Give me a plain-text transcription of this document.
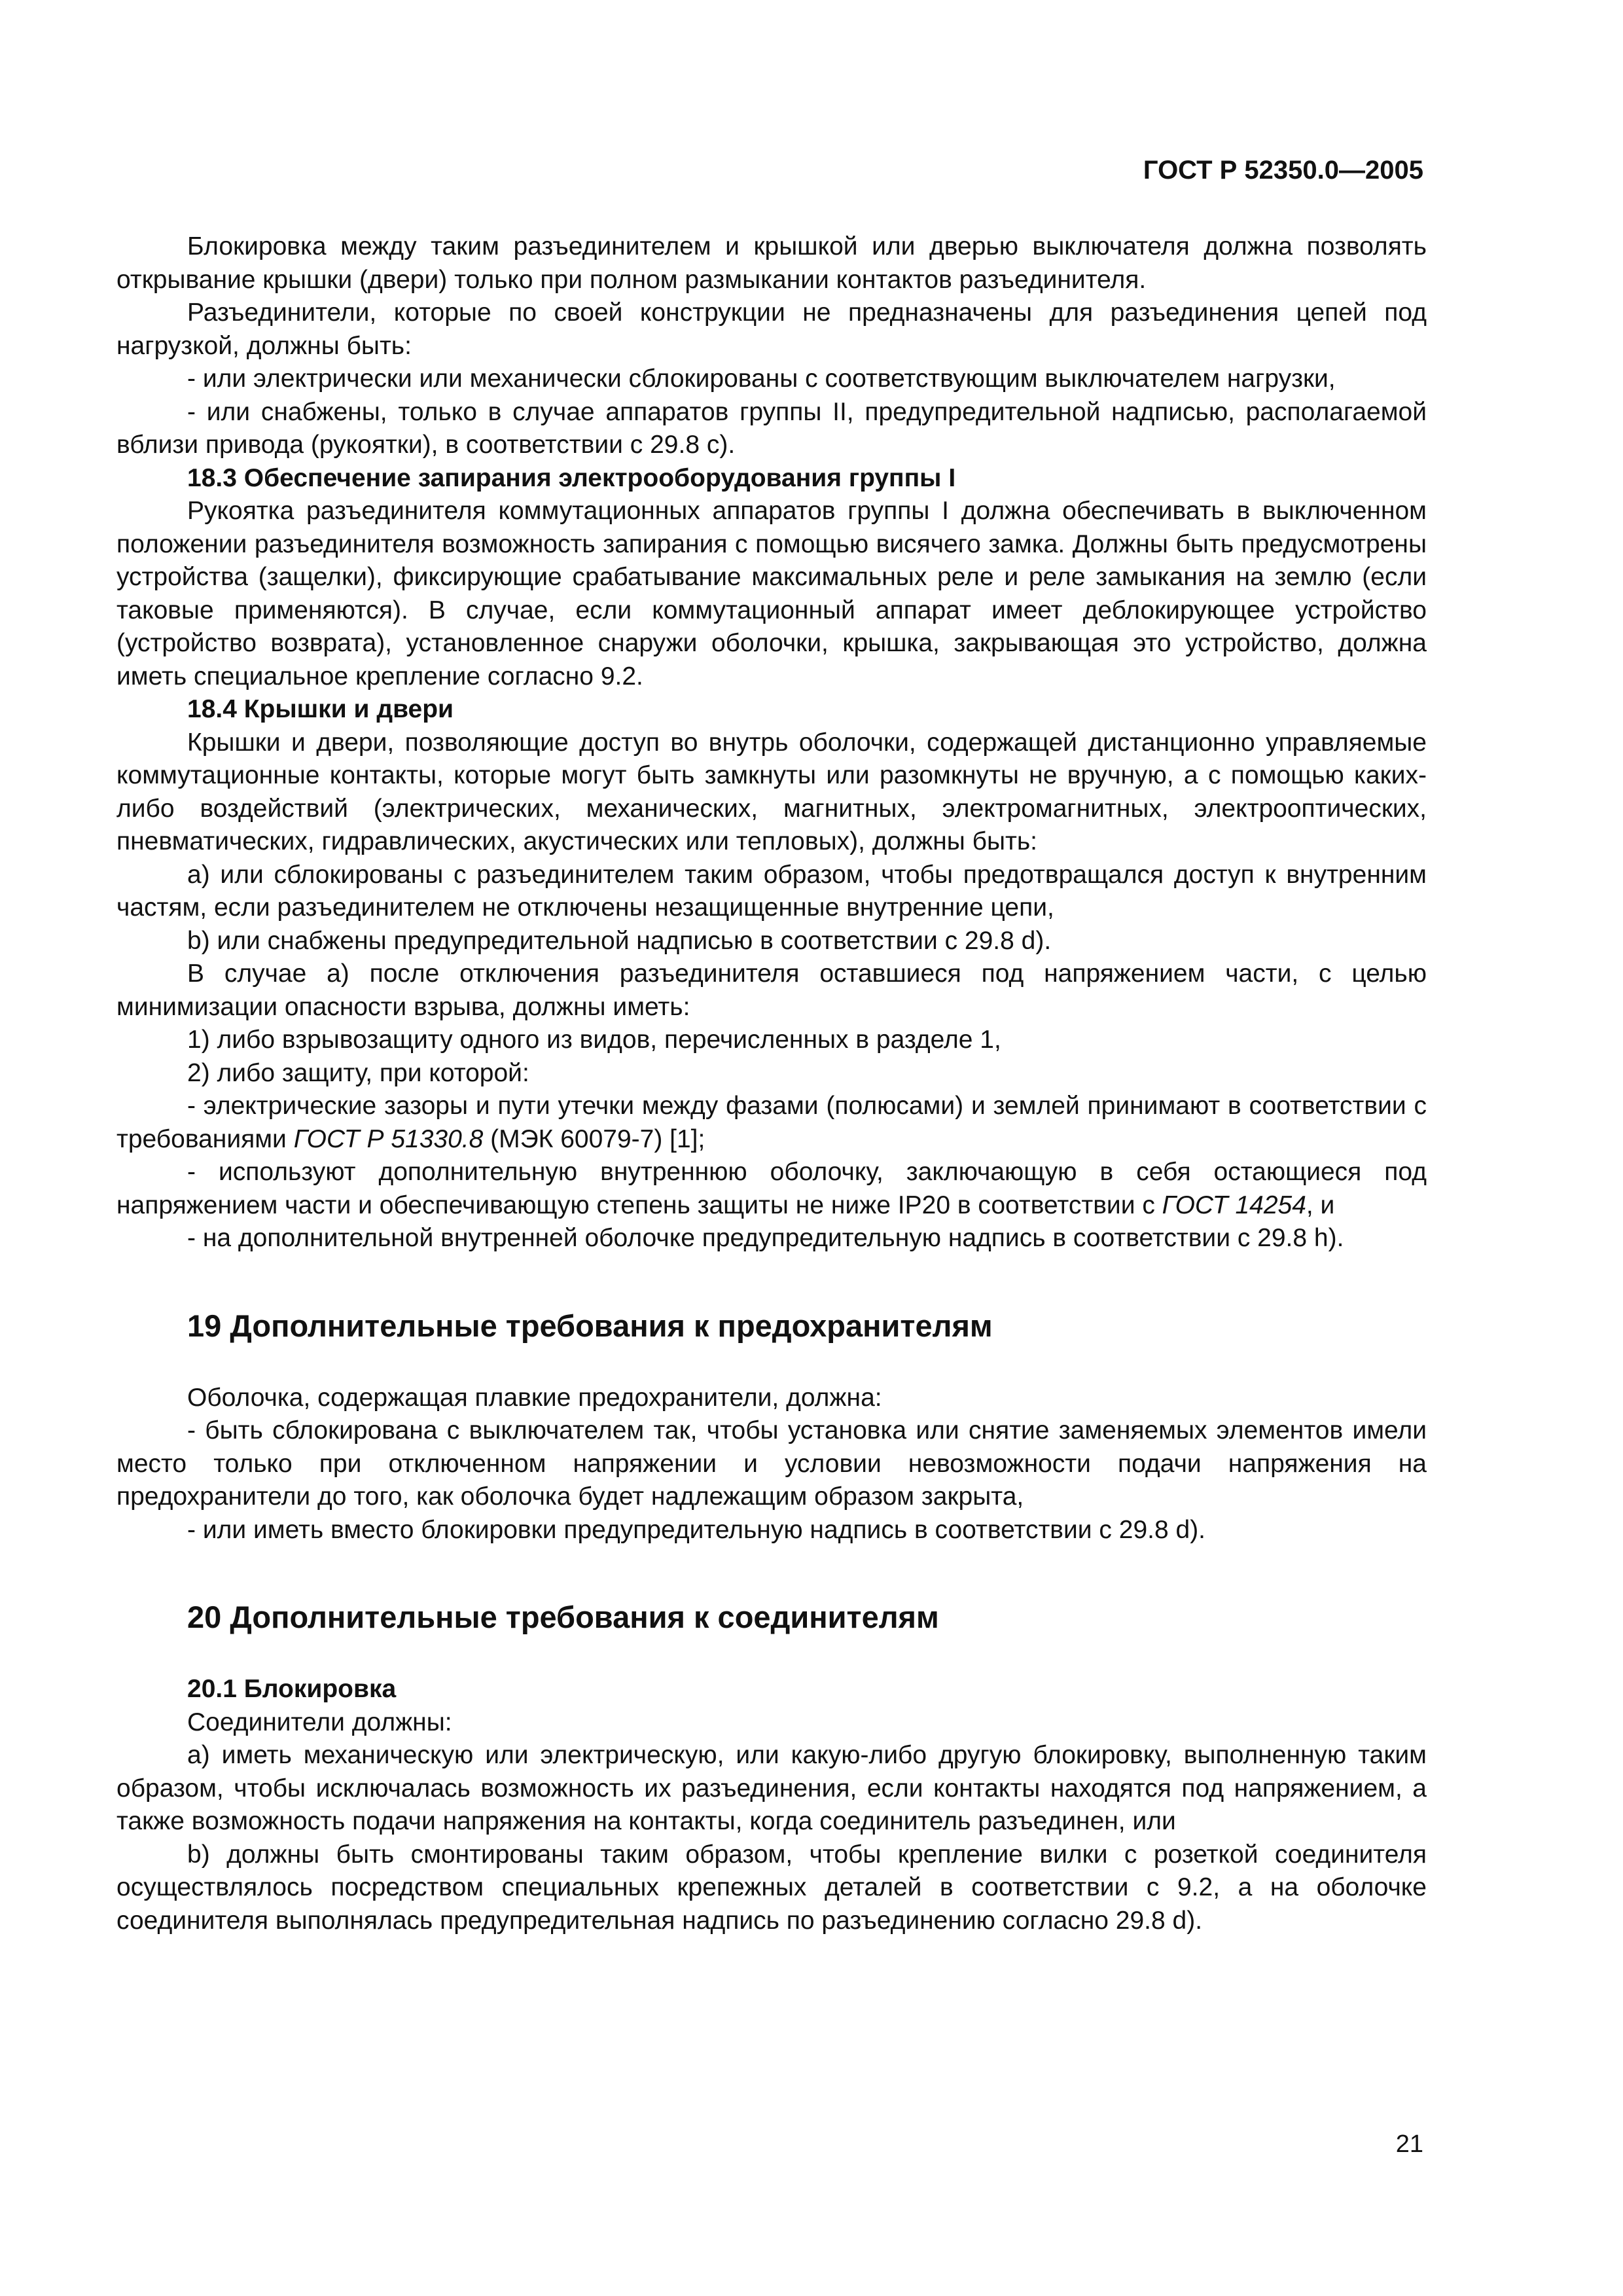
ГОСТ Р 52350.0—2005

Блокировка между таким разъединителем и крышкой или дверью выключателя должна позволять открывание крышки (двери) только при полном размыкании контактов разъединителя.

Разъединители, которые по своей конструкции не предназначены для разъединения цепей под нагрузкой, должны быть:

- или электрически или механически сблокированы с соответствующим выключателем нагрузки,

- или снабжены, только в случае аппаратов группы II, предупредительной надписью, располагаемой вблизи привода (рукоятки), в соответствии с 29.8 с).

18.3 Обеспечение запирания электрооборудования группы I

Рукоятка разъединителя коммутационных аппаратов группы I должна обеспечивать в выключенном положении разъединителя возможность запирания с помощью висячего замка. Должны быть предусмотрены устройства (защелки), фиксирующие срабатывание максимальных реле и реле замыкания на землю (если таковые применяются). В случае, если коммутационный аппарат имеет деблокирующее устройство (устройство возврата), установленное снаружи оболочки, крышка, закрывающая это устройство, должна иметь специальное крепление согласно 9.2.

18.4 Крышки и двери

Крышки и двери, позволяющие доступ во внутрь оболочки, содержащей дистанционно управляемые коммутационные контакты, которые могут быть замкнуты или разомкнуты не вручную, а с помощью каких-либо воздействий (электрических, механических, магнитных, электромагнитных, электрооптических, пневматических, гидравлических, акустических или тепловых), должны быть:

а) или сблокированы с разъединителем таким образом, чтобы предотвращался доступ к внутренним частям, если разъединителем не отключены незащищенные внутренние цепи,

b) или снабжены предупредительной надписью в соответствии с 29.8 d).

В случае а) после отключения разъединителя оставшиеся под напряжением части, с целью минимизации опасности взрыва, должны иметь:

1) либо взрывозащиту одного из видов, перечисленных в разделе 1,

2) либо защиту, при которой:

- электрические зазоры и пути утечки между фазами (полюсами) и землей принимают в соответствии с требованиями ГОСТ Р 51330.8 (МЭК 60079-7) [1];

- используют дополнительную внутреннюю оболочку, заключающую в себя остающиеся под напряжением части и обеспечивающую степень защиты не ниже IP20 в соответствии с ГОСТ 14254, и

- на дополнительной внутренней оболочке предупредительную надпись в соответствии с 29.8 h).

19 Дополнительные требования к предохранителям

Оболочка, содержащая плавкие предохранители, должна:

- быть сблокирована с выключателем так, чтобы установка или снятие заменяемых элементов имели место только при отключенном напряжении и условии невозможности подачи напряжения на предохранители до того, как оболочка будет надлежащим образом закрыта,

- или иметь вместо блокировки предупредительную надпись в соответствии с 29.8 d).

20 Дополнительные требования к соединителям

20.1 Блокировка

Соединители должны:

а) иметь механическую или электрическую, или какую-либо другую блокировку, выполненную таким образом, чтобы исключалась возможность их разъединения, если контакты находятся под напряжением, а также возможность подачи напряжения на контакты, когда соединитель разъединен, или

b) должны быть смонтированы таким образом, чтобы крепление вилки с розеткой соединителя осуществлялось посредством специальных крепежных деталей в соответствии с 9.2, а на оболочке соединителя выполнялась предупредительная надпись по разъединению согласно 29.8 d).

21
